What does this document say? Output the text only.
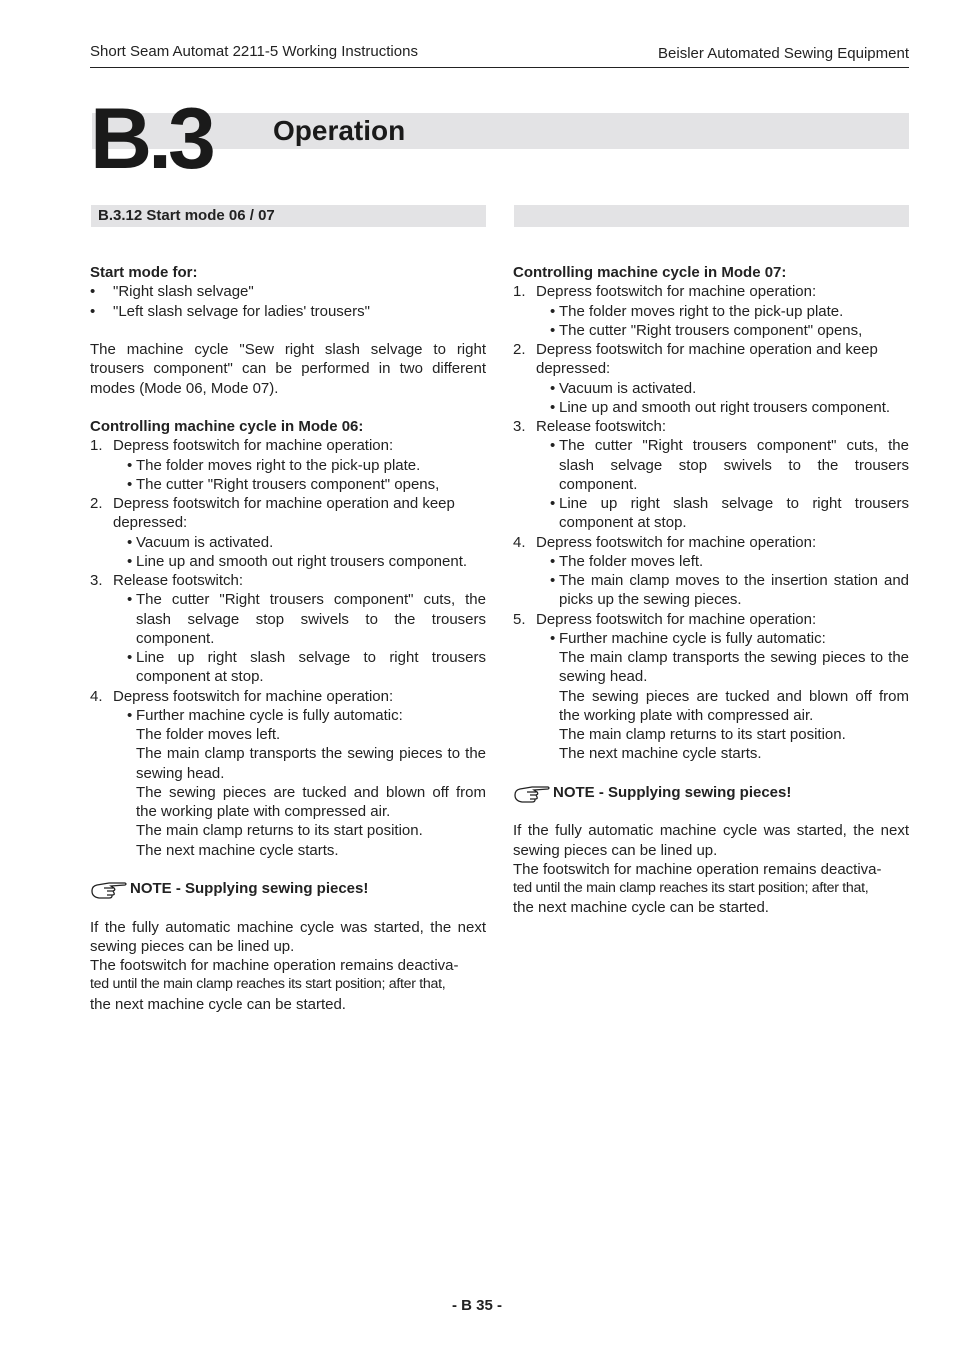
Short Seam Automat 2211-5 Working Instructions	Beisler Automated Sewing Equipment
B.3 Operation
B.3.12 Start mode 06 / 07

Start mode for:

• "Right slash selvage"

• "Left slash selvage for ladies' trousers"

The machine cycle "Sew right slash selvage to right trousers component" can be performed in two different modes (Mode 06, Mode 07).

Controlling machine cycle in Mode 06:

1. Depress footswitch for machine operation:

• The folder moves right to the pick-up plate.

• The cutter "Right trousers component" opens,

2. Depress footswitch for machine operation and keep depressed:

• Vacuum is activated.

• Line up and smooth out right trousers component.

3. Release footswitch:

• The cutter "Right trousers component" cuts, the slash selvage stop swivels to the trousers component.

• Line up right slash selvage to right trousers component at stop.

4. Depress footswitch for machine operation:

• Further machine cycle is fully automatic:

The folder moves left.

The main clamp transports the sewing pieces to the sewing head.

The sewing pieces are tucked and blown off from the working plate with compressed air.

The main clamp returns to its start position.

The next machine cycle starts.

NOTE - Supplying sewing pieces!

If the fully automatic machine cycle was started, the next sewing pieces can be lined up.

The footswitch for machine operation remains deactiva-

ted until the main clamp reaches its start position; after that,

the next machine cycle can be started.

Controlling machine cycle in Mode 07:

1. Depress footswitch for machine operation:

• The folder moves right to the pick-up plate.

• The cutter "Right trousers component" opens,

2. Depress footswitch for machine operation and keep depressed:

• Vacuum is activated.

• Line up and smooth out right trousers component.

3. Release footswitch:

• The cutter "Right trousers component" cuts, the slash selvage stop swivels to the trousers component.

• Line up right slash selvage to right trousers component at stop.

4. Depress footswitch for machine operation:

• The folder moves left.

• The main clamp moves to the insertion station and picks up the sewing pieces.

5. Depress footswitch for machine operation:

• Further machine cycle is fully automatic:

The main clamp transports the sewing pieces to the sewing head.

The sewing pieces are tucked and blown off from the working plate with compressed air.

The main clamp returns to its start position.

The next machine cycle starts.

NOTE - Supplying sewing pieces!

If the fully automatic machine cycle was started, the next sewing pieces can be lined up.

The footswitch for machine operation remains deactiva-

ted until the main clamp reaches its start position; after that,

the next machine cycle can be started.

- B 35 -
